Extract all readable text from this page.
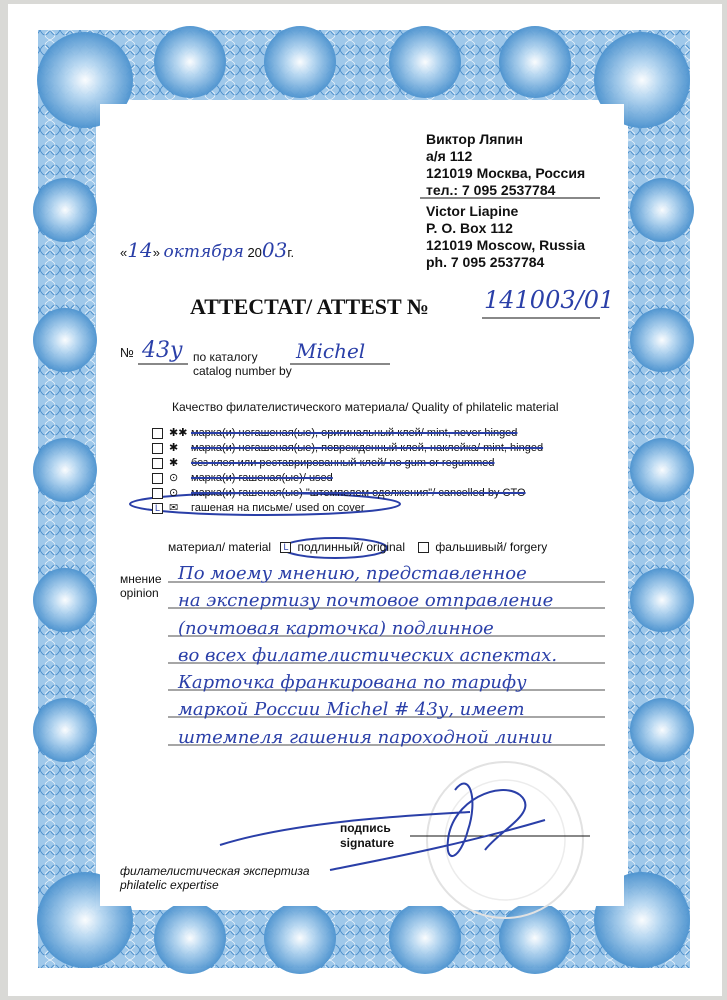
Виктор Ляпин
а/я 112
121019 Москва, Россия
тел.: 7 095 2537784
Victor Liapine
P. O. Box 112
121019 Moscow, Russia
ph. 7 095 2537784
«14» октября 2003г.
ATTECTAT/ ATTEST № 141003/01
№ 43у по каталогу
catalog number by
Michel
Качество филателистического материала/ Quality of philatelic material
✱✱ марка(и) негашеная(ые), оригинальный клей/ mint, never hinged
✱ марка(и) негашеная(ые), поврежденный клей, наклейка/ mint, hinged
✱ без клея или реставрированный клей/ no gum or regummed
⊙ марка(и) гашеная(ые)/ used
⊙ марка(и) гашеная(ые) "штемпелем одолжения"/ cancelled by CTO
L ✉ гашеная на письме/ used on cover
материал/ material L подлинный/ original	фальшивый/ forgery
мнение
opinion
По моему мнению, представленное
на экспертизу почтовое отправление
(почтовая карточка) подлинное
во всех филателистических аспектах.
Карточка франкирована по тарифу
маркой России Michel # 43у, имеет
штемпеля гашения пароходной линии
подпись
signature
филателистическая экспертиза
philatelic expertise
